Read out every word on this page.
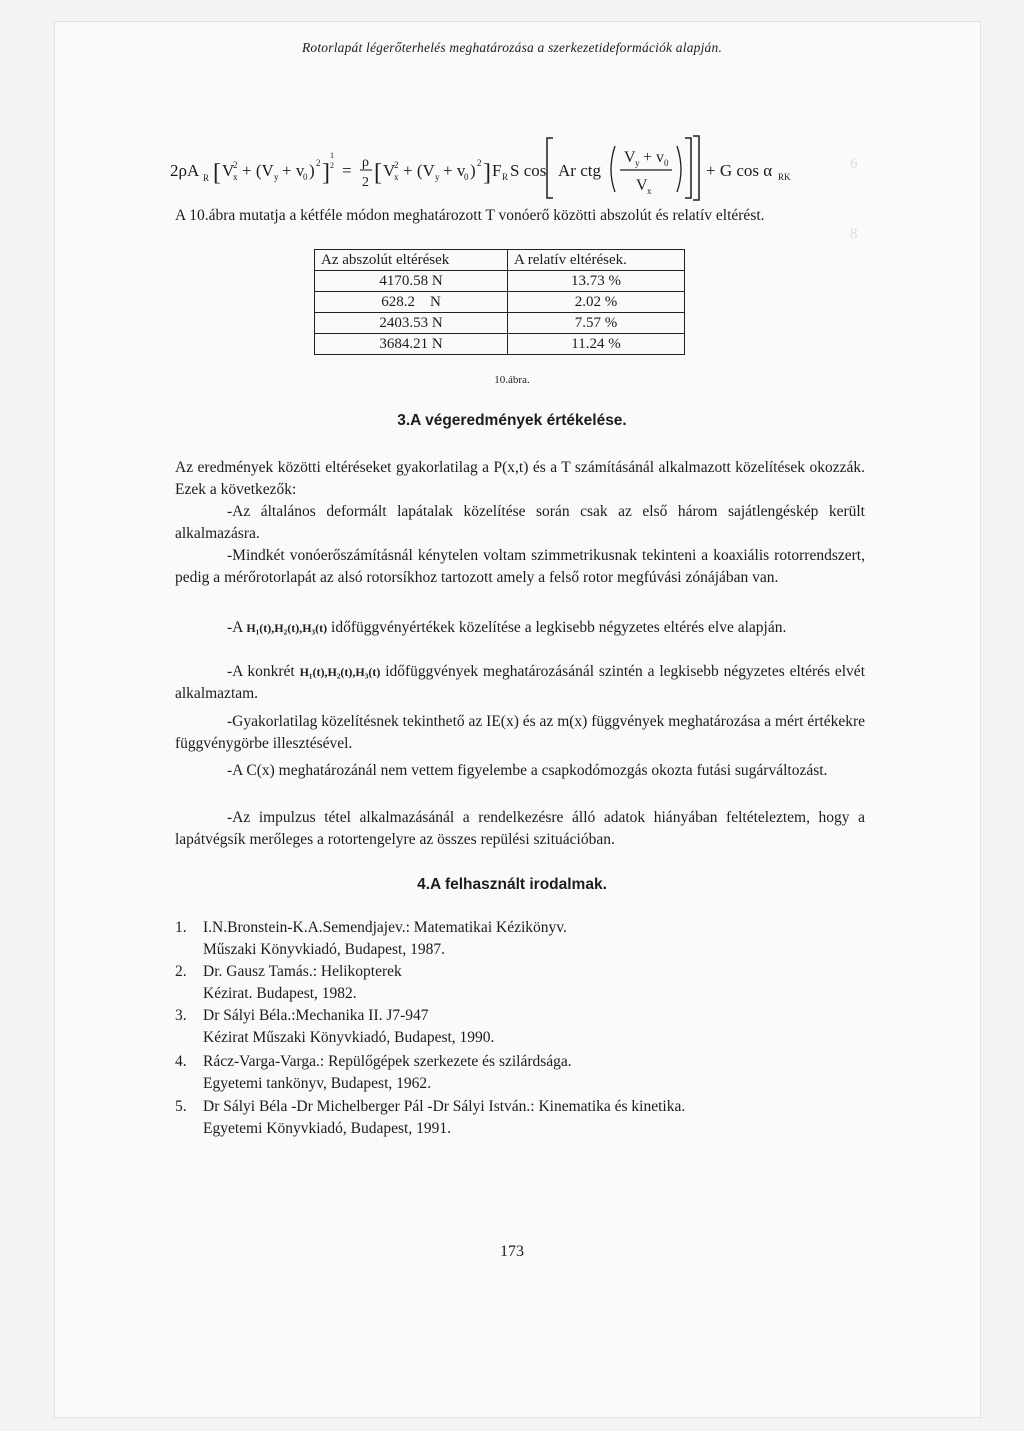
8
6
Rotorlapát légerőterhelés meghatározása a szerkezetideformációk alapján.
2ρA R [ V
2
x + (V y + v
0 ) 2 ]
1
2 = ρ
2 [ V
2
x + (V y + v
0 ) 2 ] F R S cos Ar ctg
V y + v 0
V x
+ G cos α RK
A 10.ábra mutatja a kétféle módon meghatározott T vonóerő közötti abszolút és relatív eltérést.
Az abszolút eltérések	A relatív eltérések.
4170.58 N	13.73 %
628.2    N	2.02 %
2403.53 N	7.57 %
3684.21 N	11.24 %
10.ábra.
3.A végeredmények értékelése.
Az eredmények közötti eltéréseket gyakorlatilag a P(x,t) és a T számításánál alkalmazott közelítések okozzák. Ezek a következők:
-Az általános deformált lapátalak közelítése során csak az első három sajátlengéskép került alkalmazásra.
-Mindkét vonóerőszámításnál kénytelen voltam szimmetrikusnak tekinteni a koaxiális rotorrendszert, pedig a mérőrotorlapát az alsó rotorsíkhoz tartozott amely a felső rotor megfúvási zónájában van.
-A H₁(t),H₂(t),H₃(t) időfüggvényértékek közelítése a legkisebb négyzetes eltérés elve alapján.
-A konkrét H₁(t),H₂(t),H₃(t) időfüggvények meghatározásánál szintén a legkisebb négyzetes eltérés elvét alkalmaztam.
-Gyakorlatilag közelítésnek tekinthető az IE(x) és az m(x) függvények meghatározása a mért értékekre függvénygörbe illesztésével.
-A C(x) meghatározánál nem vettem figyelembe a csapkodómozgás okozta futási sugárváltozást.
-Az impulzus tétel alkalmazásánál a rendelkezésre álló adatok hiányában feltételeztem, hogy a lapátvégsík merőleges a rotortengelyre az összes repülési szituációban.
4.A felhasznált irodalmak.
1.	I.N.Bronstein-K.A.Semendjajev.: Matematikai Kézikönyv.
Műszaki Könyvkiadó, Budapest, 1987.
2.	Dr. Gausz Tamás.: Helikopterek
Kézirat. Budapest, 1982.
3.	Dr Sályi Béla.:Mechanika II. J7-947
Kézirat Műszaki Könyvkiadó, Budapest, 1990.
4.	Rácz-Varga-Varga.: Repülőgépek szerkezete és szilárdsága.
Egyetemi tankönyv, Budapest, 1962.
5.	Dr Sályi Béla -Dr Michelberger Pál -Dr Sályi István.: Kinematika és kinetika.
Egyetemi Könyvkiadó, Budapest, 1991.
173
